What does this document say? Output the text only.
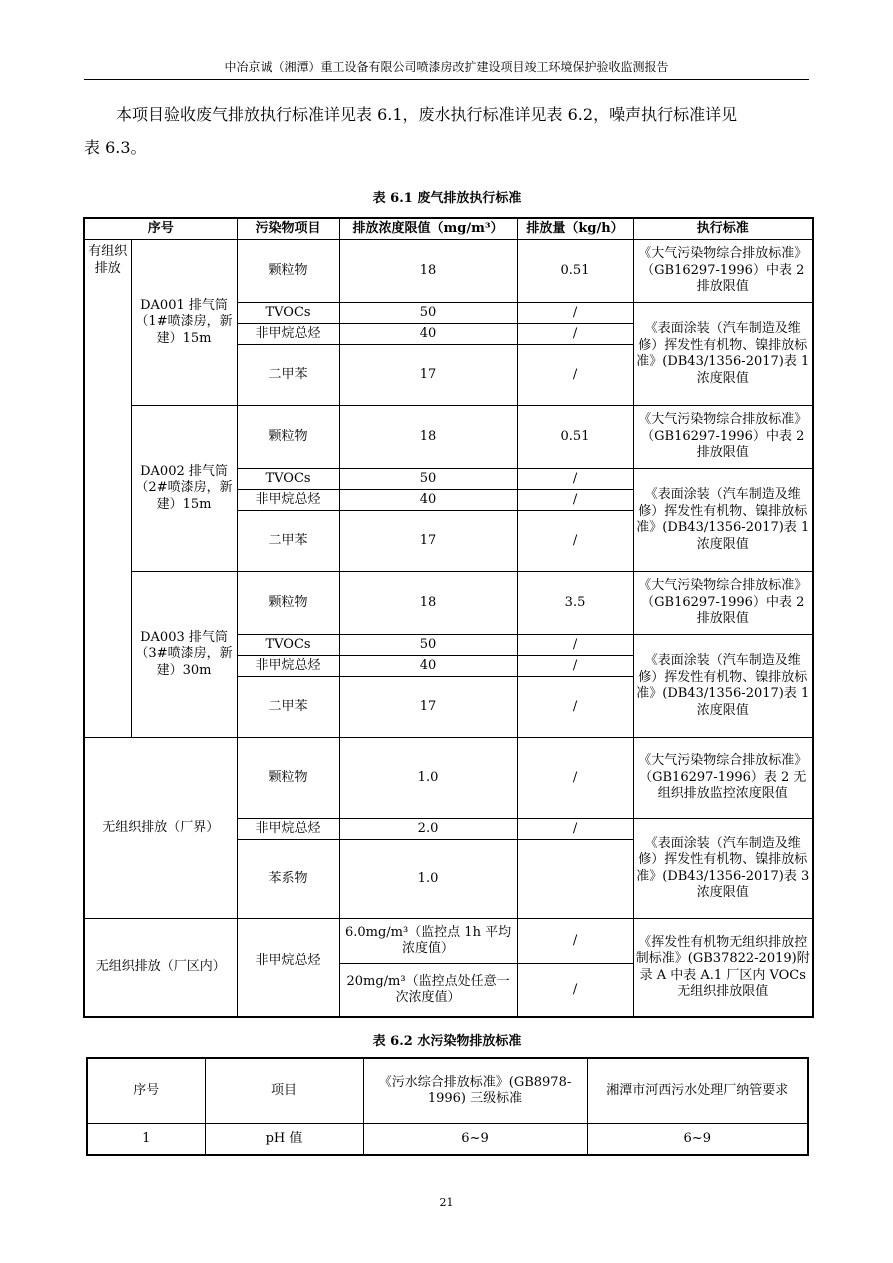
中冶京诚（湘潭）重工设备有限公司喷漆房改扩建设项目竣工环境保护验收监测报告
本项目验收废气排放执行标准详见表 6.1，废水执行标准详见表 6.2，噪声执行标准详见
表 6.3。
表 6.1 废气排放执行标准
序号		污染物项目	排放浓度限值（mg/m³）	排放量（kg/h）	执行标准
有组织排放	DA001 排气筒（1#喷漆房，新建）15m	颗粒物	18	0.51	《大气污染物综合排放标准》（GB16297-1996）中表 2 排放限值
		TVOCs	50	/	《表面涂装（汽车制造及维修）挥发性有机物、镍排放标准》(DB43/1356-2017)表 1 浓度限值
		非甲烷总烃	40	/	
		二甲苯	17	/	
	DA002 排气筒（2#喷漆房，新建）15m	颗粒物	18	0.51	《大气污染物综合排放标准》（GB16297-1996）中表 2 排放限值
		TVOCs	50	/	《表面涂装（汽车制造及维修）挥发性有机物、镍排放标准》(DB43/1356-2017)表 1 浓度限值
		非甲烷总烃	40	/	
		二甲苯	17	/	
	DA003 排气筒（3#喷漆房，新建）30m	颗粒物	18	3.5	《大气污染物综合排放标准》（GB16297-1996）中表 2 排放限值
		TVOCs	50	/	《表面涂装（汽车制造及维修）挥发性有机物、镍排放标准》(DB43/1356-2017)表 1 浓度限值
		非甲烷总烃	40	/	
		二甲苯	17	/	
无组织排放（厂界）		颗粒物	1.0	/	《大气污染物综合排放标准》（GB16297-1996）表 2 无组织排放监控浓度限值
		非甲烷总烃	2.0	/	《表面涂装（汽车制造及维修）挥发性有机物、镍排放标准》(DB43/1356-2017)表 3 浓度限值
		苯系物	1.0		
无组织排放（厂区内）		非甲烷总烃	6.0mg/m³（监控点 1h 平均浓度值）	/	《挥发性有机物无组织排放控制标准》(GB37822-2019)附录 A 中表 A.1 厂区内 VOCs 无组织排放限值
			20mg/m³（监控点处任意一次浓度值）	/	
表 6.2 水污染物排放标准
序号	项目	《污水综合排放标准》(GB8978-1996) 三级标准	湘潭市河西污水处理厂纳管要求
1	pH 值	6~9	6~9
21
